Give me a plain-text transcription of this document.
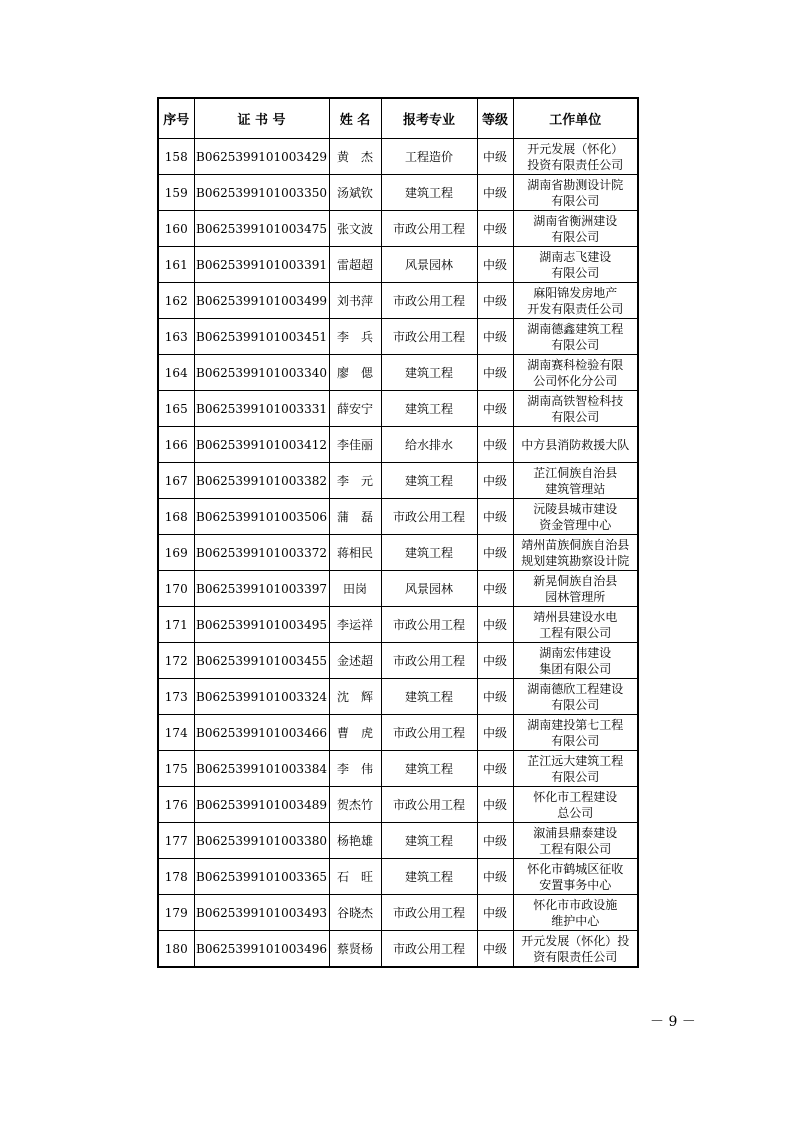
序号	证 书 号	姓 名	报考专业	等级	工作单位
158	B0625399101003429	黄　杰	工程造价	中级	开元发展（怀化）
投资有限责任公司

159	B0625399101003350	汤斌钦	建筑工程	中级	湖南省勘测设计院
有限公司

160	B0625399101003475	张文波	市政公用工程	中级	湖南省衡洲建设
有限公司

161	B0625399101003391	雷超超	风景园林	中级	湖南志飞建设
有限公司

162	B0625399101003499	刘书萍	市政公用工程	中级	麻阳锦发房地产
开发有限责任公司

163	B0625399101003451	李　兵	市政公用工程	中级	湖南德鑫建筑工程
有限公司

164	B0625399101003340	廖　偲	建筑工程	中级	湖南赛科检验有限
公司怀化分公司

165	B0625399101003331	薛安宁	建筑工程	中级	湖南高铁智检科技
有限公司

166	B0625399101003412	李佳丽	给水排水	中级	中方县消防救援大队

167	B0625399101003382	李　元	建筑工程	中级	芷江侗族自治县
建筑管理站

168	B0625399101003506	蒲　磊	市政公用工程	中级	沅陵县城市建设
资金管理中心

169	B0625399101003372	蒋相民	建筑工程	中级	靖州苗族侗族自治县
规划建筑勘察设计院

170	B0625399101003397	田岗	风景园林	中级	新晃侗族自治县
园林管理所

171	B0625399101003495	李运祥	市政公用工程	中级	靖州县建设水电
工程有限公司

172	B0625399101003455	金述超	市政公用工程	中级	湖南宏伟建设
集团有限公司

173	B0625399101003324	沈　辉	建筑工程	中级	湖南德欣工程建设
有限公司

174	B0625399101003466	曹　虎	市政公用工程	中级	湖南建投第七工程
有限公司

175	B0625399101003384	李　伟	建筑工程	中级	芷江远大建筑工程
有限公司

176	B0625399101003489	贺杰竹	市政公用工程	中级	怀化市工程建设
总公司

177	B0625399101003380	杨艳雄	建筑工程	中级	溆浦县鼎泰建设
工程有限公司

178	B0625399101003365	石　旺	建筑工程	中级	怀化市鹤城区征收
安置事务中心

179	B0625399101003493	谷晓杰	市政公用工程	中级	怀化市市政设施
维护中心

180	B0625399101003496	蔡贤杨	市政公用工程	中级	开元发展（怀化）投
资有限责任公司
－ 9 －
